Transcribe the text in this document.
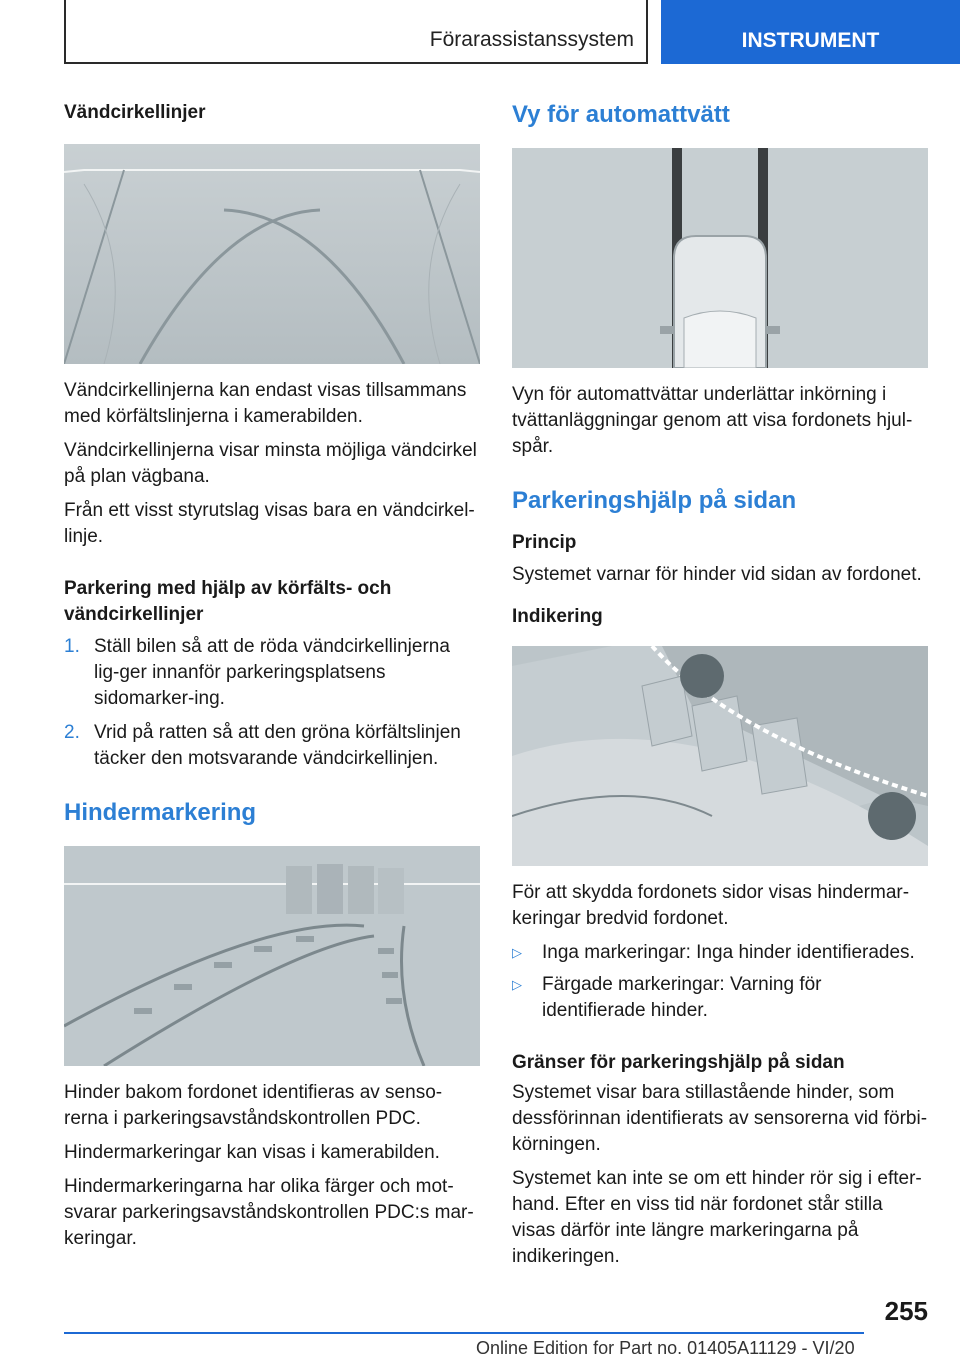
Förarassistanssystem	INSTRUMENT
Vändcirkellinjer

Vändcirkellinjerna kan endast visas tillsammans med körfältslinjerna i kamerabilden.

Vändcirkellinjerna visar minsta möjliga vändcirkel på plan vägbana.

Från ett visst styrutslag visas bara en vändcirkel-linje.

Parkering med hjälp av körfälts- och vändcirkellinjer
1. Ställ bilen så att de röda vändcirkellinjerna lig-ger innanför parkeringsplatsens sidomarker-ing.
2. Vrid på ratten så att den gröna körfältslinjen täcker den motsvarande vändcirkellinjen.
Hindermarkering

Hinder bakom fordonet identifieras av senso-rerna i parkeringsavståndskontrollen PDC.

Hindermarkeringar kan visas i kamerabilden.

Hindermarkeringarna har olika färger och mot-svarar parkeringsavståndskontrollen PDC:s mar-keringar.

Vy för automattvätt

Vyn för automattvättar underlättar inkörning i tvättanläggningar genom att visa fordonets hjul-spår.

Parkeringshjälp på sidan
Princip

Systemet varnar för hinder vid sidan av fordonet.

Indikering

För att skydda fordonets sidor visas hindermar-keringar bredvid fordonet.

▷ Inga markeringar: Inga hinder identifierades.
▷ Färgade markeringar: Varning för identifierade hinder.
Gränser för parkeringshjälp på sidan

Systemet visar bara stillastående hinder, som dessförinnan identifierats av sensorerna vid förbi-körningen.

Systemet kan inte se om ett hinder rör sig i efter-hand. Efter en viss tid när fordonet står stilla visas därför inte längre markeringarna på indikeringen.

255
Online Edition for Part no. 01405A11129 - VI/20
